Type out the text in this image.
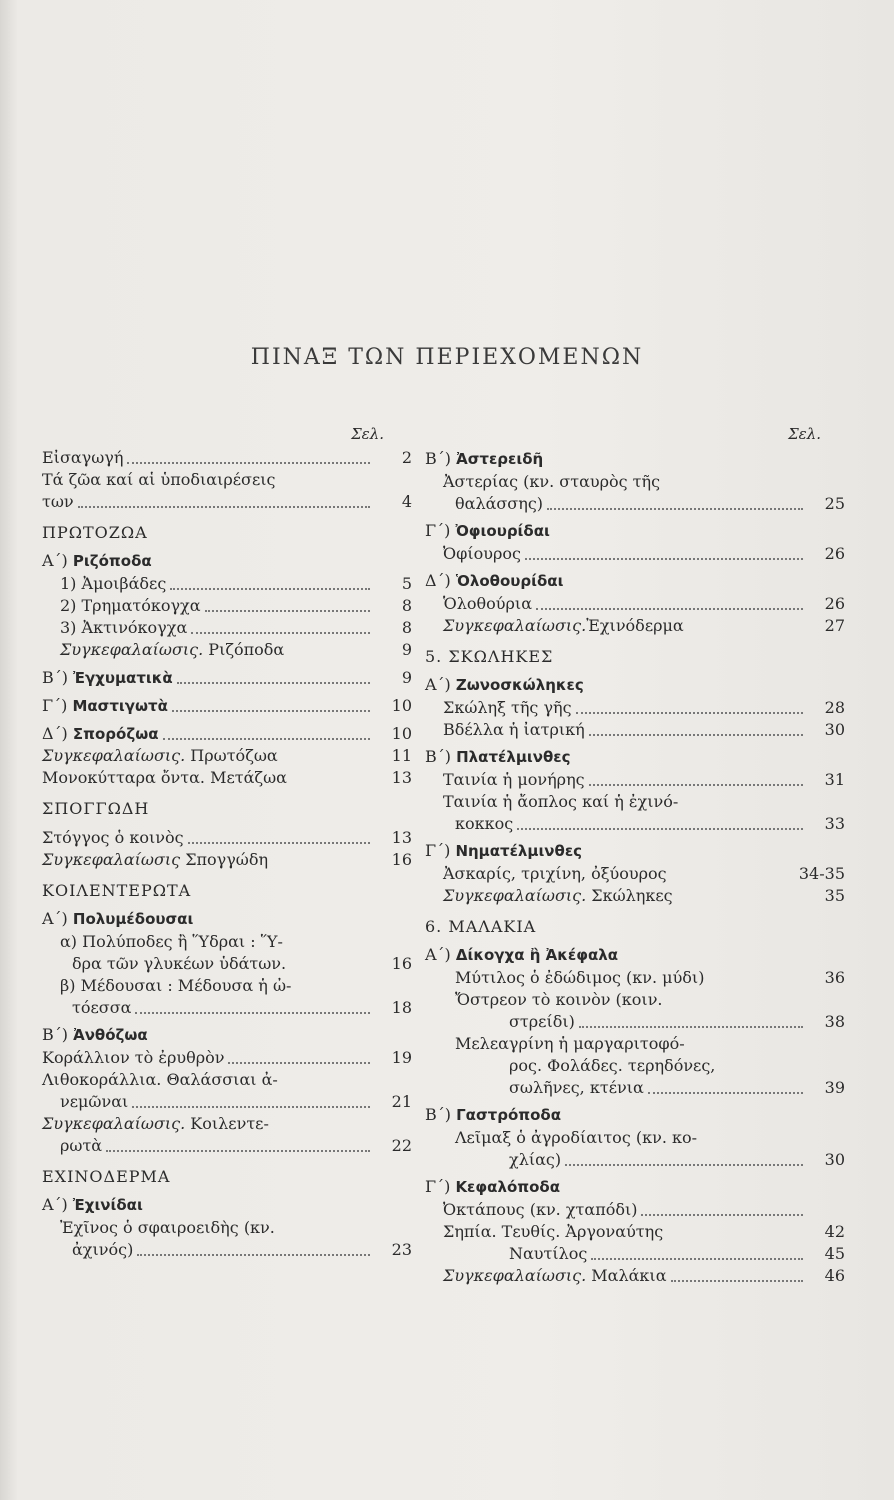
ΠΙΝΑΞ ΤΩΝ ΠΕΡΙΕΧΟΜΕΝΩΝ
Σελ.
Εἰσαγωγή	2
Τά ζῶα καί αἱ ὑποδιαιρέσεις
των	4
ΠΡΩΤΟΖΩΑ
Α΄) Ριζόποδα
1) Ἀμοιβάδες	5
2) Τρηματόκογχα	8
3) Ἀκτινόκογχα	8
Συγκεφαλαίωσις. Ριζόποδα	9
Β΄) Ἐγχυματικὰ	9
Γ΄) Μαστιγωτὰ	10
Δ΄) Σπορόζωα	10
Συγκεφαλαίωσις. Πρωτόζωα	11
Μονοκύτταρα ὄντα. Μετάζωα	13
ΣΠΟΓΓΩΔΗ
Στόγγος ὁ κοινὸς	13
Συγκεφαλαίωσις Σπογγώδη	16
ΚΟΙΛΕΝΤΕΡΩΤΑ
Α΄) Πολυμέδουσαι
α) Πολύποδες ἢ Ὕδραι : Ὕ-
δρα τῶν γλυκέων ὑδάτων.	16
β) Μέδουσαι : Μέδουσα ἡ ὠ-
τόεσσα	18
Β΄) Ἀνθόζωα
Κοράλλιον τὸ ἐρυθρὸν	19
Λιθοκοράλλια. Θαλάσσιαι ἀ-
νεμῶναι	21
Συγκεφαλαίωσις. Κοιλεντε-
ρωτὰ	22
ΕΧΙΝΟΔΕΡΜΑ
Α΄) Ἐχινίδαι
Ἐχῖνος ὁ σφαιροειδὴς (κν.
ἀχινός)	23
Σελ.
Β΄) Ἀστερειδῆ
Ἀστερίας (κν. σταυρὸς τῆς
θαλάσσης)	25
Γ΄) Ὀφιουρίδαι
Ὀφίουρος	26
Δ΄) Ὁλοθουρίδαι
Ὁλοθούρια	26
Συγκεφαλαίωσις.Ἐχινόδερμα	27
5. ΣΚΩΛΗΚΕΣ
Α΄) Ζωνοσκώληκες
Σκώληξ τῆς γῆς	28
Βδέλλα ἡ ἰατρική	30
Β΄) Πλατέλμινθες
Ταινία ἡ μονήρης	31
Ταινία ἡ ἄοπλος καί ἡ ἐχινό-
κοκκος	33
Γ΄) Νηματέλμινθες
Ἀσκαρίς, τριχίνη, ὀξύουρος	34-35
Συγκεφαλαίωσις. Σκώληκες	35
6. ΜΑΛΑΚΙΑ
Α΄) Δίκογχα ἢ Ἀκέφαλα
Μύτιλος ὁ ἐδώδιμος (κν. μύδι)	36
Ὄστρεον τὸ κοινὸν (κοιν.
στρείδι)	38
Μελεαγρίνη ἡ μαργαριτοφό-
ρος. Φολάδες. τερηδόνες,
σωλῆνες, κτένια	39
Β΄) Γαστρόποδα
Λεῖμαξ ὁ ἀγροδίαιτος (κν. κο-
χλίας)	30
Γ΄) Κεφαλόποδα
Ὀκτάπους (κν. χταπόδι)
Σηπία. Τευθίς. Ἀργοναύτης	42
Ναυτίλος	45
Συγκεφαλαίωσις. Μαλάκια	46
